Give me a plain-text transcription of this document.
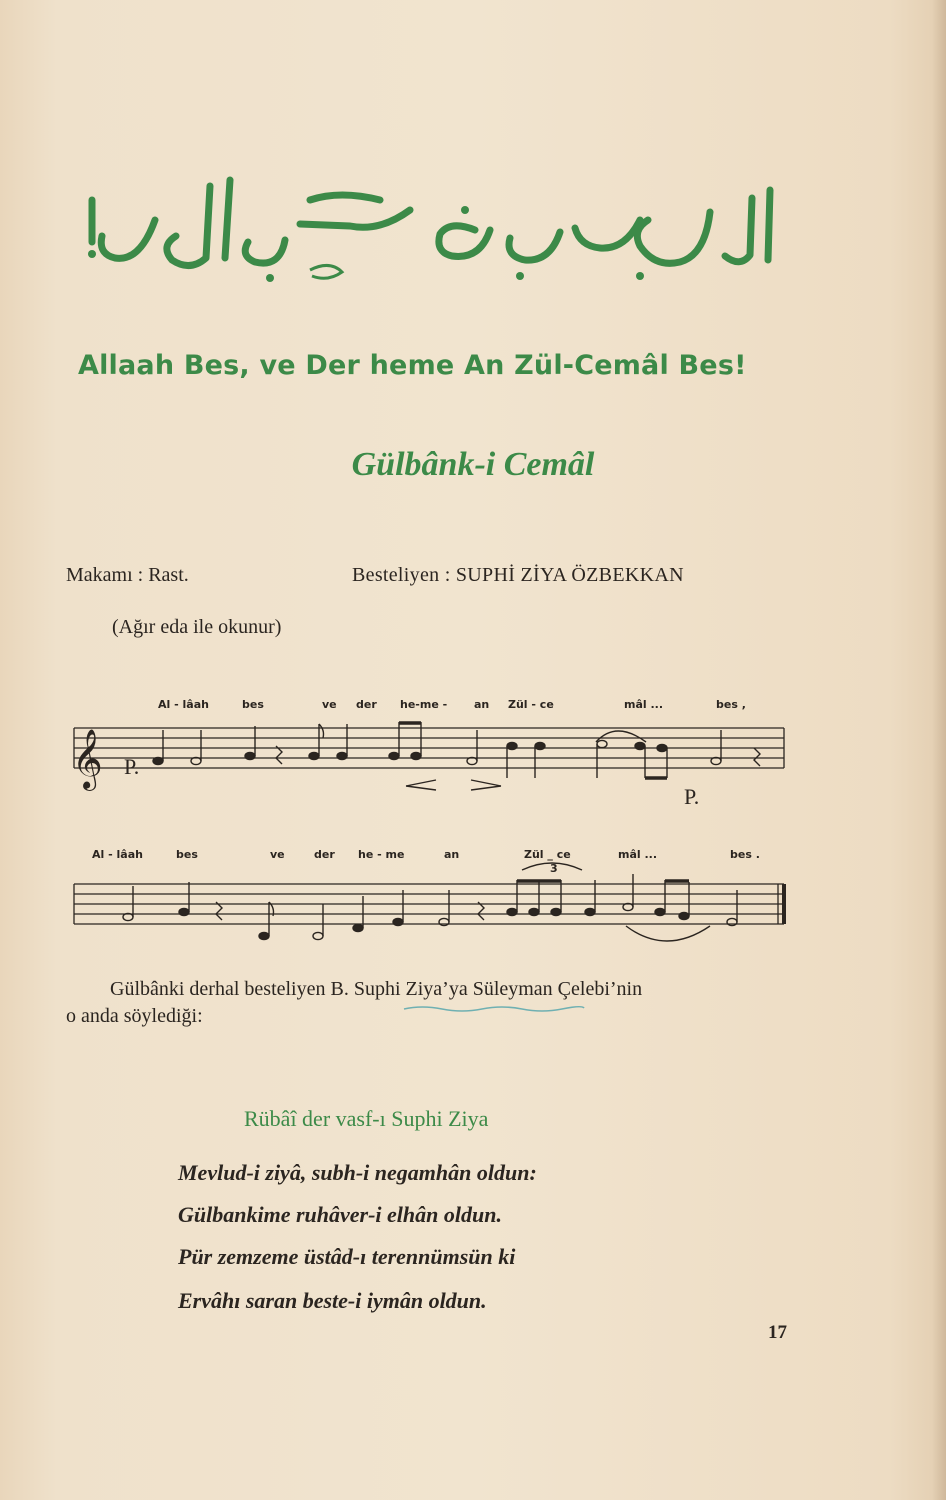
Allaah Bes, ve Der heme An Zül-Cemâl Bes!
Gülbânk-i Cemâl
Makamı : Rast.	Besteliyen : SUPHİ ZİYA ÖZBEKKAN
(Ağır eda ile okunur)
Al - lâah	bes	ve der he-me - an Zül - ce	mâl ...	bes ,
𝄞 P.
P.
Al - lâah	bes	ve	der he - me	an	Zül _ ce	mâl ...	bes .
3
Gülbânki derhal besteliyen B. Suphi Ziya’ya Süleyman Çelebi’nin
o anda söylediği:
Rübâî der vasf-ı Suphi Ziya
Mevlud-i ziyâ, subh-i negamhân oldun:
Gülbankime ruhâver-i elhân oldun.
Pür zemzeme üstâd-ı terennümsün ki
Ervâhı saran beste-i iymân oldun.
17
